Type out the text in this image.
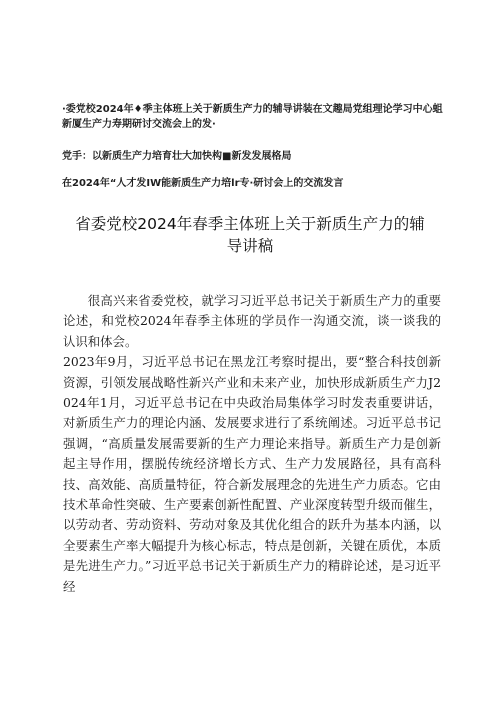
·委党校2024年♦季主体班上关于新质生产力的辅导讲装在文趣局党组理论学习中心蛆新厦生产力寿期研讨交流会上的发·
党手：以新质生产力培育壮大加快构■新发发展格局
在2024年“人才发IW能新质生产力培lr专·研讨会上的交流发言
省委党校2024年春季主体班上关于新质生产力的辅导讲稿

很高兴来省委党校，就学习习近平总书记关于新质生产力的重要论述，和党校2024年春季主体班的学员作一沟通交流，谈一谈我的认识和体会。

2023年9月，习近平总书记在黑龙江考察时提出，要“整合科技创新资源，引领发展战略性新兴产业和未来产业，加快形成新质生产力J2024年1月，习近平总书记在中央政治局集体学习时发表重要讲话，对新质生产力的理论内涵、发展要求进行了系统阐述。习近平总书记强调，“高质量发展需要新的生产力理论来指导。新质生产力是创新起主导作用，摆脱传统经济增长方式、生产力发展路径，具有高科技、高效能、高质量特征，符合新发展理念的先进生产力质态。它由技术革命性突破、生产要素创新性配置、产业深度转型升级而催生，以劳动者、劳动资料、劳动对象及其优化组合的跃升为基本内涵，以全要素生产率大幅提升为核心标志，特点是创新，关键在质优，本质是先进生产力。”习近平总书记关于新质生产力的精辟论述，是习近平经
